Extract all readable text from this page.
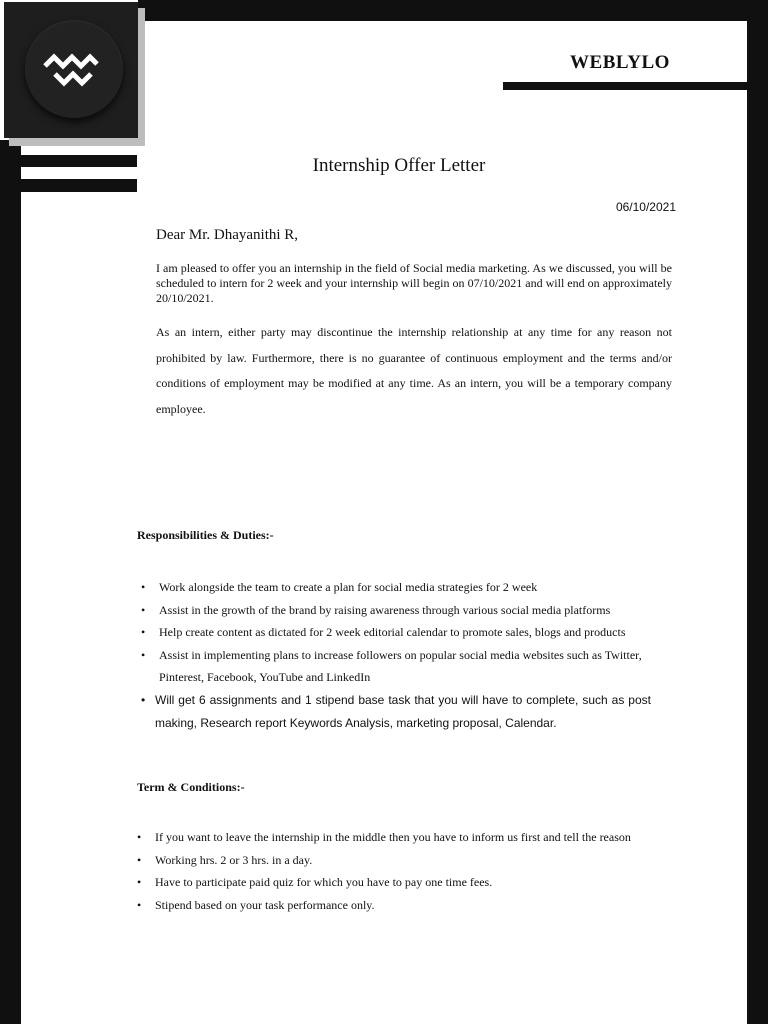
WEBLYLO
Internship Offer Letter
06/10/2021
Dear Mr. Dhayanithi R,
I am pleased to offer you an internship in the field of Social media marketing. As we discussed, you will be scheduled to intern for 2 week and your internship will begin on 07/10/2021 and will end on approximately 20/10/2021.
As an intern, either party may discontinue the internship relationship at any time for any reason not prohibited by law. Furthermore, there is no guarantee of continuous employment and the terms and/or conditions of employment may be modified at any time. As an intern, you will be a temporary company employee.
Responsibilities & Duties:-
• Work alongside the team to create a plan for social media strategies for 2 week
• Assist in the growth of the brand by raising awareness through various social media platforms
• Help create content as dictated for 2 week editorial calendar to promote sales, blogs and products
• Assist in implementing plans to increase followers on popular social media websites such as Twitter, Pinterest, Facebook, YouTube and LinkedIn
• Will get 6 assignments and 1 stipend base task that you will have to complete, such as post making, Research report Keywords Analysis, marketing proposal, Calendar.
Term & Conditions:-
• If you want to leave the internship in the middle then you have to inform us first and tell the reason
• Working hrs. 2 or 3 hrs. in a day.
• Have to participate paid quiz for which you have to pay one time fees.
• Stipend based on your task performance only.
